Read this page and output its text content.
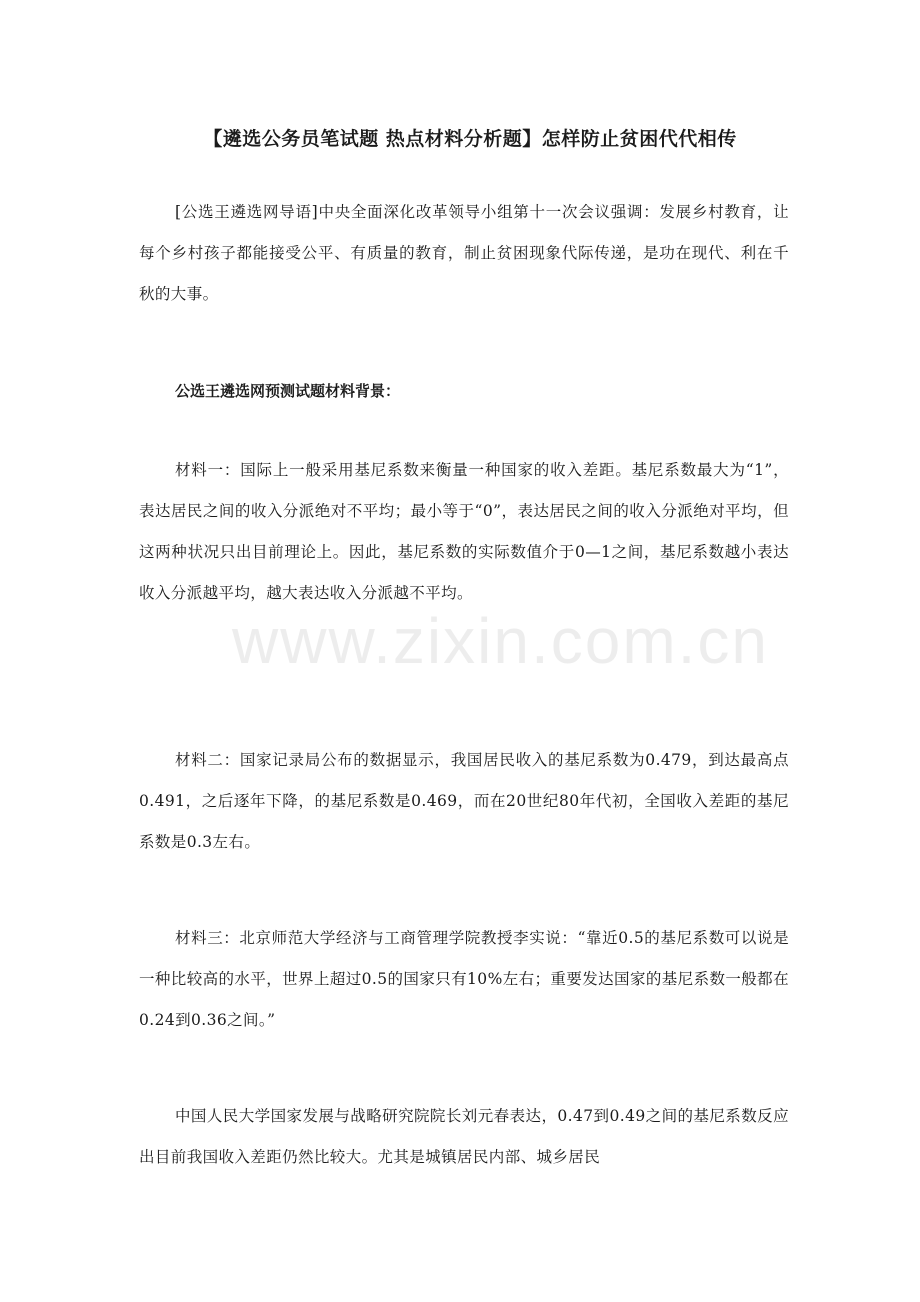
www.zixin.com.cn
【遴选公务员笔试题 热点材料分析题】怎样防止贫困代代相传

[公选王遴选网导语]中央全面深化改革领导小组第十一次会议强调：发展乡村教育，让每个乡村孩子都能接受公平、有质量的教育，制止贫困现象代际传递，是功在现代、利在千秋的大事。

公选王遴选网预测试题材料背景：

材料一：国际上一般采用基尼系数来衡量一种国家的收入差距。基尼系数最大为“1”，表达居民之间的收入分派绝对不平均；最小等于“0”，表达居民之间的收入分派绝对平均，但这两种状况只出目前理论上。因此，基尼系数的实际数值介于0—1之间，基尼系数越小表达收入分派越平均，越大表达收入分派越不平均。

材料二：国家记录局公布的数据显示，我国居民收入的基尼系数为0.479，到达最高点0.491，之后逐年下降，的基尼系数是0.469，而在20世纪80年代初，全国收入差距的基尼系数是0.3左右。

材料三：北京师范大学经济与工商管理学院教授李实说：“靠近0.5的基尼系数可以说是一种比较高的水平，世界上超过0.5的国家只有10%左右；重要发达国家的基尼系数一般都在0.24到0.36之间。”

中国人民大学国家发展与战略研究院院长刘元春表达，0.47到0.49之间的基尼系数反应出目前我国收入差距仍然比较大。尤其是城镇居民内部、城乡居民
